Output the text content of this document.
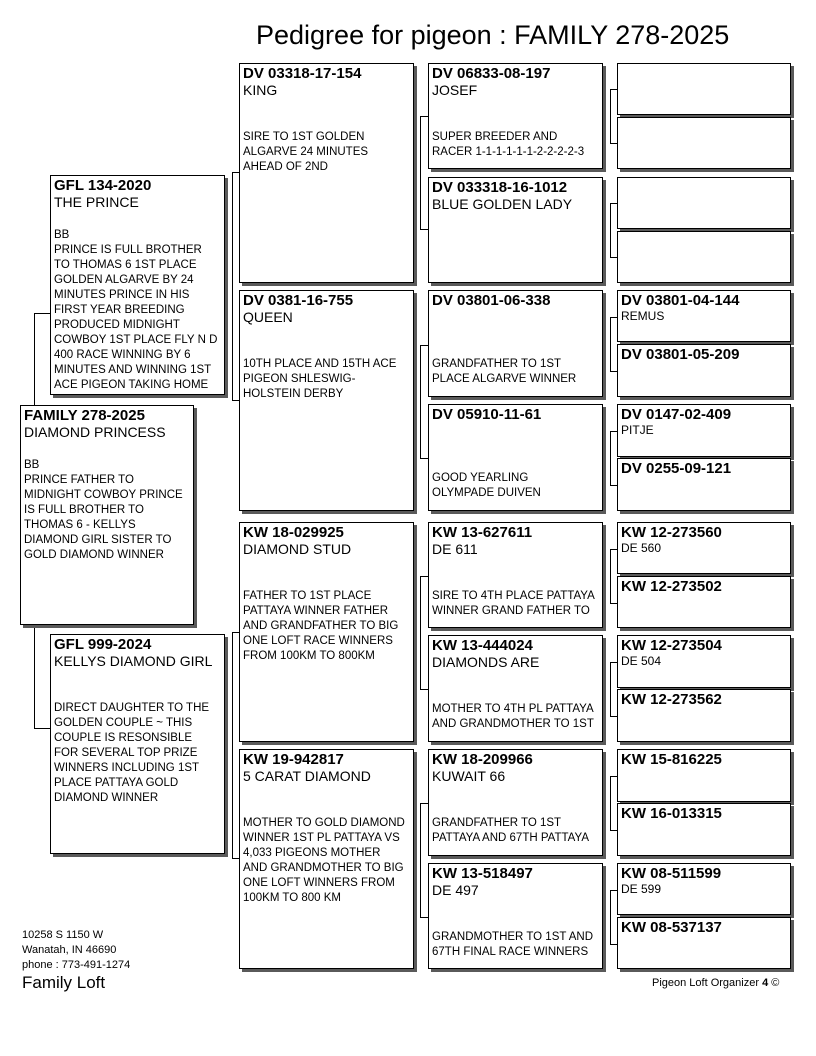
Pedigree for pigeon : FAMILY 278-2025
FAMILY 278-2025
DIAMOND PRINCESS
BB
PRINCE FATHER TO
MIDNIGHT COWBOY PRINCE
IS FULL BROTHER TO
THOMAS 6 - KELLYS
DIAMOND GIRL SISTER TO
GOLD DIAMOND WINNER
GFL 134-2020
THE PRINCE
BB
PRINCE IS FULL BROTHER
TO THOMAS 6 1ST PLACE
GOLDEN ALGARVE BY 24
MINUTES PRINCE IN HIS
FIRST YEAR BREEDING
PRODUCED MIDNIGHT
COWBOY 1ST PLACE FLY N D
400 RACE WINNING BY 6
MINUTES AND WINNING 1ST
ACE PIGEON TAKING HOME
GFL 999-2024
KELLYS DIAMOND GIRL
DIRECT DAUGHTER TO THE
GOLDEN COUPLE ~ THIS
COUPLE IS RESONSIBLE
FOR SEVERAL TOP PRIZE
WINNERS INCLUDING 1ST
PLACE PATTAYA GOLD
DIAMOND WINNER
DV 03318-17-154
KING
SIRE TO 1ST GOLDEN
ALGARVE 24 MINUTES
AHEAD OF 2ND
DV 0381-16-755
QUEEN
10TH PLACE AND 15TH ACE
PIGEON SHLESWIG-
HOLSTEIN DERBY
KW 18-029925
DIAMOND STUD
FATHER TO 1ST PLACE
PATTAYA WINNER FATHER
AND GRANDFATHER TO BIG
ONE LOFT RACE WINNERS
FROM 100KM TO 800KM
KW 19-942817
5 CARAT DIAMOND
MOTHER TO GOLD DIAMOND
WINNER 1ST PL PATTAYA VS
4,033 PIGEONS MOTHER
AND GRANDMOTHER TO BIG
ONE LOFT WINNERS FROM
100KM TO 800 KM
DV 06833-08-197
JOSEF
SUPER BREEDER AND
RACER 1-1-1-1-1-1-2-2-2-2-3
DV 033318-16-1012
BLUE GOLDEN LADY
DV 03801-06-338
GRANDFATHER TO 1ST
PLACE ALGARVE WINNER
DV 05910-11-61
GOOD YEARLING
OLYMPADE DUIVEN
KW 13-627611
DE 611
SIRE TO 4TH PLACE PATTAYA
WINNER GRAND FATHER TO
KW 13-444024
DIAMONDS ARE
MOTHER TO 4TH PL PATTAYA
AND GRANDMOTHER TO 1ST
KW 18-209966
KUWAIT 66
GRANDFATHER TO 1ST
PATTAYA AND 67TH PATTAYA
KW 13-518497
DE 497
GRANDMOTHER TO 1ST AND
67TH FINAL RACE WINNERS
DV 03801-04-144
REMUS
DV 03801-05-209
DV 0147-02-409
PITJE
DV 0255-09-121
KW 12-273560
DE 560
KW 12-273502
KW 12-273504
DE 504
KW 12-273562
KW 15-816225
KW 16-013315
KW 08-511599
DE 599
KW 08-537137
10258 S 1150 W
Wanatah, IN 46690
phone : 773-491-1274
Family Loft	Pigeon Loft Organizer 4 ©
